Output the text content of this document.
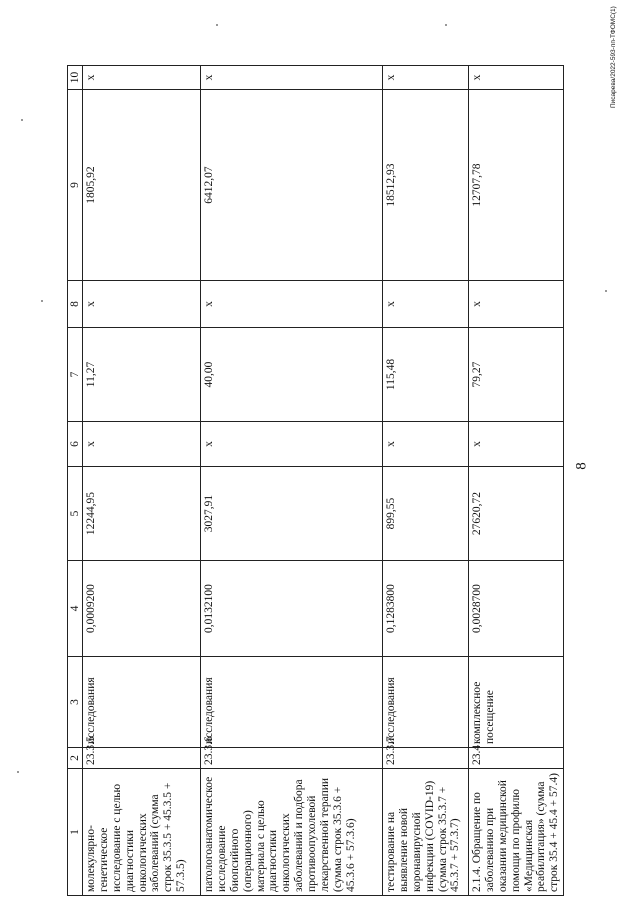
8
Писарева/2022-593-пп-ТФОМС(1)
1	2	3	4	5	6	7	8	9	10
молекулярно-генетическое исследование с целью диагностики онкологических заболеваний (сумма строк 35.3.5 + 45.3.5 + 57.3.5)	23.3.5	исследования	0,0009200	12244,95	x	11,27	x	1805,92	x
патологоанатомическое исследование биопсийного (операционного) материала с целью диагностики онкологических заболеваний и подбора противоопухолевой лекарственной терапии (сумма строк 35.3.6 + 45.3.6 + 57.3.6)	23.3.6	исследования	0,0132100	3027,91	x	40,00	x	6412,07	x
тестирование на выявление новой коронавирусной инфекции (COVID-19) (сумма строк 35.3.7 + 45.3.7 + 57.3.7)	23.3.7	исследования	0,1283800	899,55	x	115,48	x	18512,93	x
2.1.4. Обращение по заболеванию при оказании медицинской помощи по профилю «Медицинская реабилитация» (сумма строк 35.4 + 45.4 + 57.4)	23.4	комплексное посещение	0,0028700	27620,72	x	79,27	x	12707,78	x
